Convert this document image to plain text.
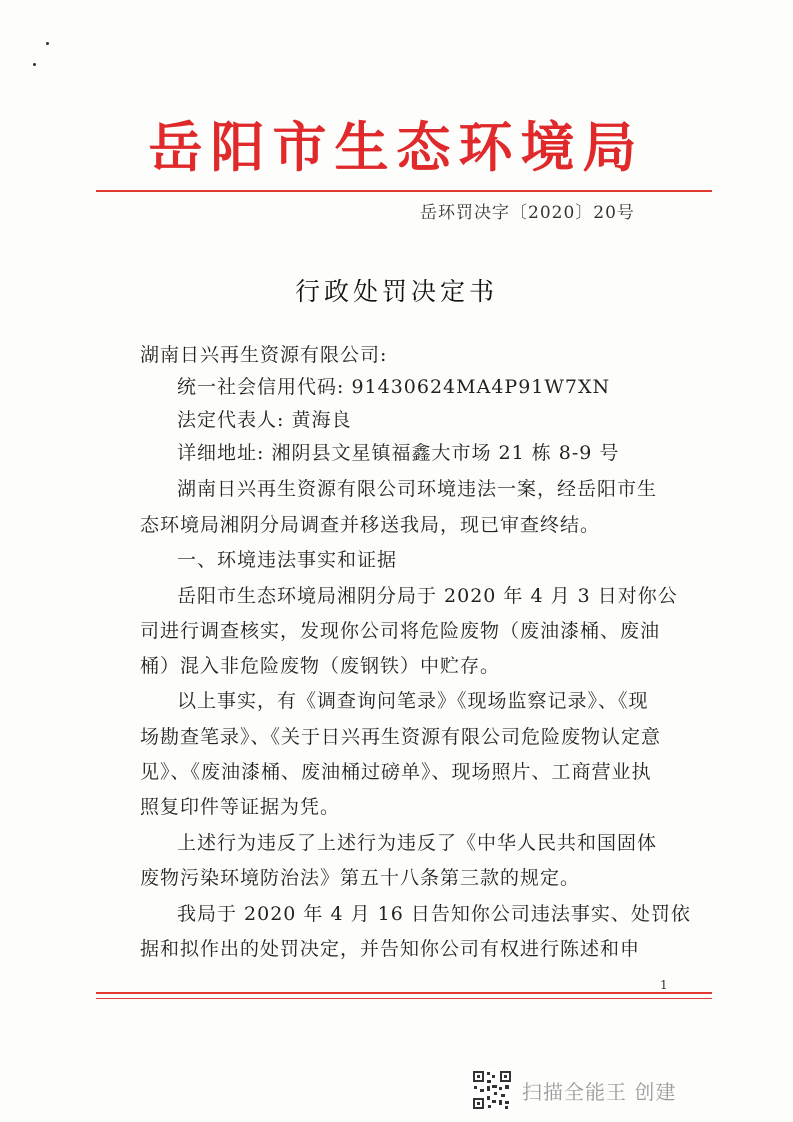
岳阳市生态环境局
岳环罚决字〔2020〕20号
行政处罚决定书
湖南日兴再生资源有限公司:
统一社会信用代码: 91430624MA4P91W7XN
法定代表人: 黄海良
详细地址: 湘阴县文星镇福鑫大市场 21 栋 8-9 号
湖南日兴再生资源有限公司环境违法一案，经岳阳市生
态环境局湘阴分局调查并移送我局，现已审查终结。
一、环境违法事实和证据
岳阳市生态环境局湘阴分局于 2020 年 4 月 3 日对你公
司进行调查核实，发现你公司将危险废物（废油漆桶、废油
桶）混入非危险废物（废钢铁）中贮存。
以上事实，有《调查询问笔录》《现场监察记录》、《现
场勘查笔录》、《关于日兴再生资源有限公司危险废物认定意
见》、《废油漆桶、废油桶过磅单》、现场照片、工商营业执
照复印件等证据为凭。
上述行为违反了上述行为违反了《中华人民共和国固体
废物污染环境防治法》第五十八条第三款的规定。
我局于 2020 年 4 月 16 日告知你公司违法事实、处罚依
据和拟作出的处罚决定，并告知你公司有权进行陈述和申
1
扫描全能王 创建
